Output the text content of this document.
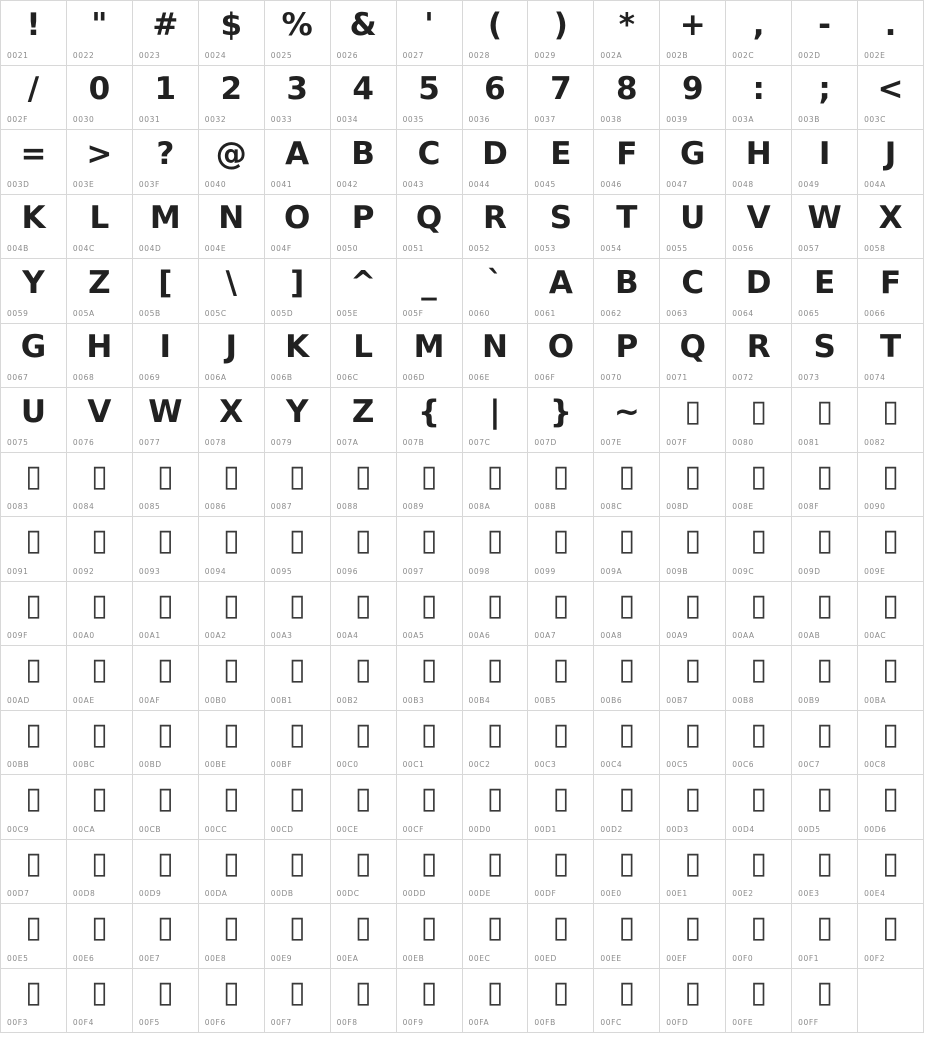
!
0021
"
0022
#
0023
$
0024
%
0025
&
0026
'
0027
(
0028
)
0029
*
002A
+
002B
,
002C
-
002D
.
002E
/
002F
0
0030
1
0031
2
0032
3
0033
4
0034
5
0035
6
0036
7
0037
8
0038
9
0039
:
003A
;
003B
<
003C
=
003D
>
003E
?
003F
@
0040
A
0041
B
0042
C
0043
D
0044
E
0045
F
0046
G
0047
H
0048
I
0049
J
004A
K
004B
L
004C
M
004D
N
004E
O
004F
P
0050
Q
0051
R
0052
S
0053
T
0054
U
0055
V
0056
W
0057
X
0058
Y
0059
Z
005A
[
005B
\
005C
]
005D
^
005E
_
005F
`
0060
A
0061
B
0062
C
0063
D
0064
E
0065
F
0066
G
0067
H
0068
I
0069
J
006A
K
006B
L
006C
M
006D
N
006E
O
006F
P
0070
Q
0071
R
0072
S
0073
T
0074
U
0075
V
0076
W
0077
X
0078
Y
0079
Z
007A
{
007B
|
007C
}
007D
~
007E
▯
007F
▯
0080
▯
0081
▯
0082
▯
0083
▯
0084
▯
0085
▯
0086
▯
0087
▯
0088
▯
0089
▯
008A
▯
008B
▯
008C
▯
008D
▯
008E
▯
008F
▯
0090
▯
0091
▯
0092
▯
0093
▯
0094
▯
0095
▯
0096
▯
0097
▯
0098
▯
0099
▯
009A
▯
009B
▯
009C
▯
009D
▯
009E
▯
009F
▯
00A0
▯
00A1
▯
00A2
▯
00A3
▯
00A4
▯
00A5
▯
00A6
▯
00A7
▯
00A8
▯
00A9
▯
00AA
▯
00AB
▯
00AC
▯
00AD
▯
00AE
▯
00AF
▯
00B0
▯
00B1
▯
00B2
▯
00B3
▯
00B4
▯
00B5
▯
00B6
▯
00B7
▯
00B8
▯
00B9
▯
00BA
▯
00BB
▯
00BC
▯
00BD
▯
00BE
▯
00BF
▯
00C0
▯
00C1
▯
00C2
▯
00C3
▯
00C4
▯
00C5
▯
00C6
▯
00C7
▯
00C8
▯
00C9
▯
00CA
▯
00CB
▯
00CC
▯
00CD
▯
00CE
▯
00CF
▯
00D0
▯
00D1
▯
00D2
▯
00D3
▯
00D4
▯
00D5
▯
00D6
▯
00D7
▯
00D8
▯
00D9
▯
00DA
▯
00DB
▯
00DC
▯
00DD
▯
00DE
▯
00DF
▯
00E0
▯
00E1
▯
00E2
▯
00E3
▯
00E4
▯
00E5
▯
00E6
▯
00E7
▯
00E8
▯
00E9
▯
00EA
▯
00EB
▯
00EC
▯
00ED
▯
00EE
▯
00EF
▯
00F0
▯
00F1
▯
00F2
▯
00F3
▯
00F4
▯
00F5
▯
00F6
▯
00F7
▯
00F8
▯
00F9
▯
00FA
▯
00FB
▯
00FC
▯
00FD
▯
00FE
▯
00FF
